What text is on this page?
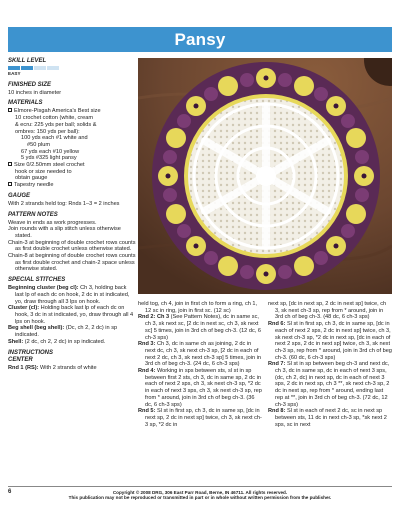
Pansy
SKILL LEVEL
EASY
FINISHED SIZE
10 inches in diameter
MATERIALS
Elmore-Pisgah America's Best size
10 crochet cotton (white, cream
& ecru: 225 yds per ball; solids &
ombres: 150 yds per ball):
100 yds each #1 white and
#50 plum
67 yds each #10 yellow
5 yds #325 light pansy
Size 0/2.50mm steel crochet
hook or size needed to
obtain gauge
Tapestry needle
GAUGE
With 2 strands held tog: Rnds 1–3 = 2 inches
PATTERN NOTES
Weave in ends as work progresses.
Join rounds with a slip stitch unless otherwise stated.
Chain-3 at beginning of double crochet rows counts as first double crochet unless otherwise stated.
Chain-8 at beginning of double crochet rows counts as first double crochet and chain-2 space unless otherwise stated.
SPECIAL STITCHES
Beginning cluster (beg cl): Ch 3, holding back last lp of each dc on hook, 2 dc in st indicated, yo, draw through all 3 lps on hook.
Cluster (cl): Holding back last lp of each dc on hook, 3 dc in st indicated, yo, draw through all 4 lps on hook.
Beg shell (beg shell): (Dc, ch 2, 2 dc) in sp indicated.
Shell: (2 dc, ch 2, 2 dc) in sp indicated.
INSTRUCTIONS
CENTER
Rnd 1 (RS): With 2 strands of white
held tog, ch 4, join in first ch to form a ring, ch 1, 12 sc in ring, join in first sc. (12 sc)
Rnd 2: Ch 3 (See Pattern Notes), dc in same sc, ch 3, sk next sc, [2 dc in next sc, ch 3, sk next sc] 5 times, join in 3rd ch of beg ch-3. (12 dc, 6 ch-3 sps)
Rnd 3: Ch 3, dc in same ch as joining, 2 dc in next dc, ch 3, sk next ch-3 sp, [2 dc in each of next 2 dc, ch 3, sk next ch-3 sp] 5 times, join in 3rd ch of beg ch-3. (24 dc, 6 ch-3 sps)
Rnd 4: Working in sps between sts, sl st in sp between first 2 sts, ch 3, dc in same sp, 2 dc in each of next 2 sps, ch 3, sk next ch-3 sp, *2 dc in each of next 3 sps, ch 3, sk next ch-3 sp, rep from * around, join in 3rd ch of beg ch-3. (36 dc, 6 ch-3 sps)
Rnd 5: Sl st in first sp, ch 3, dc in same sp, [dc in next sp, 2 dc in next sp] twice, ch 3, sk next ch-3 sp, *2 dc in
next sp, [dc in next sp, 2 dc in next sp] twice, ch 3, sk next ch-3 sp, rep from * around, join in 3rd ch of beg ch-3. (48 dc, 6 ch-3 sps)
Rnd 6: Sl st in first sp, ch 3, dc in same sp, [dc in each of next 2 sps, 2 dc in next sp] twice, ch 3, sk next ch-3 sp, *2 dc in next sp, [dc in each of next 2 sps, 2 dc in next sp] twice, ch 3, sk next ch-3 sp, rep from * around, join in 3rd ch of beg ch-3. (60 dc, 6 ch-3 sps)
Rnd 7: Sl st in sp between beg ch-3 and next dc, ch 3, dc in same sp, dc in each of next 3 sps, (dc, ch 2, dc) in next sp, dc in each of next 3 sps, 2 dc in next sp, ch 3 **, sk next ch-3 sp, 2 dc in next sp, rep from * around, ending last rep at **, join in 3rd ch of beg ch-3. (72 dc, 12 ch-3 sps)
Rnd 8: Sl st in each of next 2 dc, sc in next sp between sts, 11 dc in next ch-3 sp, *sk next 2 sps, sc in next
6	Copyright © 2008 DRG, 306 East Parr Road, Berne, IN 46711. All rights reserved.
This publication may not be reproduced or transmitted in part or in whole without written permission from the publisher.
